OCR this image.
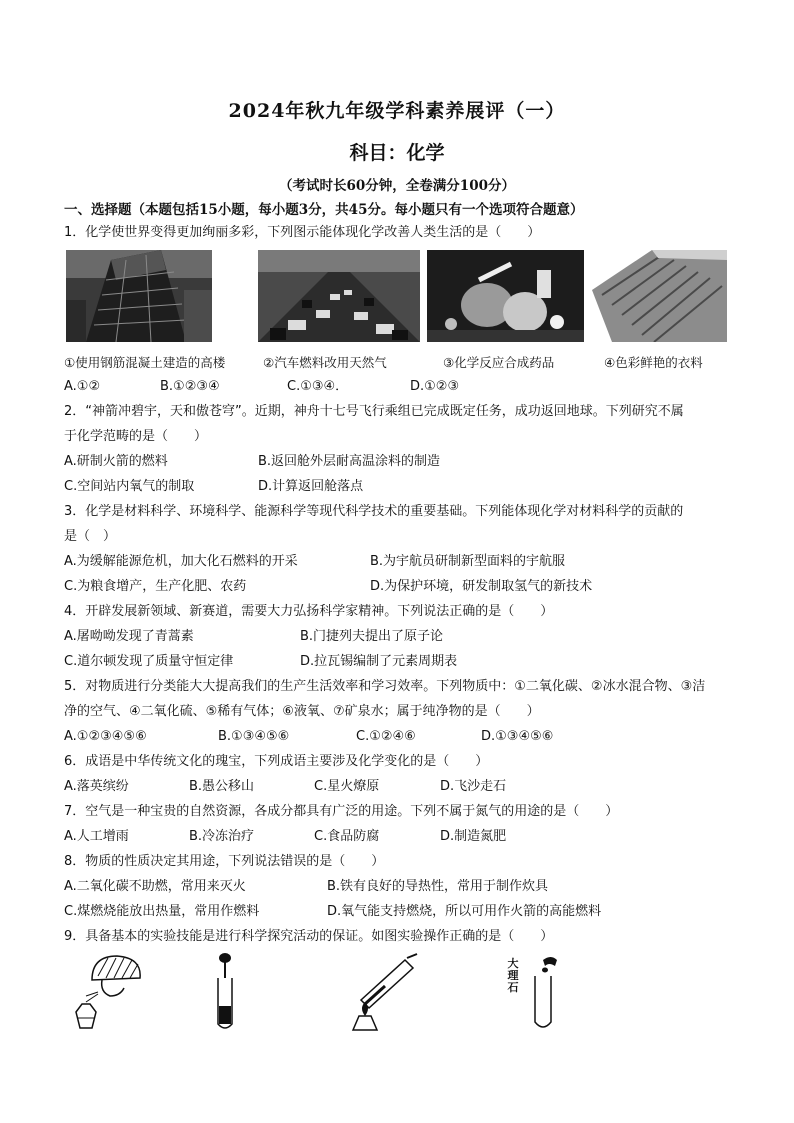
2024年秋九年级学科素养展评（一）
科目：化学
（考试时长60分钟，全卷满分100分）
一、选择题（本题包括15小题，每小题3分，共45分。每小题只有一个选项符合题意）
1．化学使世界变得更加绚丽多彩，下列图示能体现化学改善人类生活的是（　　）
①使用钢筋混凝土建造的高楼	②汽车燃料改用天然气	③化学反应合成药品	④色彩鲜艳的衣料
A.①②	B.①②③④	C.①③④．	D.①②③
2．“神箭冲碧宇，天和傲苍穹”。近期，神舟十七号飞行乘组已完成既定任务，成功返回地球。下列研究不属
于化学范畴的是（　　）
A.研制火箭的燃料	B.返回舱外层耐高温涂料的制造
C.空间站内氧气的制取	D.计算返回舱落点
3．化学是材料科学、环境科学、能源科学等现代科学技术的重要基础。下列能体现化学对材料科学的贡献的
是（　）
A.为缓解能源危机，加大化石燃料的开采	B.为宇航员研制新型面料的宇航服
C.为粮食增产，生产化肥、农药	D.为保护环境，研发制取氢气的新技术
4．开辟发展新领域、新赛道，需要大力弘扬科学家精神。下列说法正确的是（　　）
A.屠呦呦发现了青蒿素	B.门捷列夫提出了原子论
C.道尔顿发现了质量守恒定律	D.拉瓦锡编制了元素周期表
5．对物质进行分类能大大提高我们的生产生活效率和学习效率。下列物质中：①二氧化碳、②冰水混合物、③洁
净的空气、④二氧化硫、⑤稀有气体；⑥液氧、⑦矿泉水；属于纯净物的是（　　）
A.①②③④⑤⑥	B.①③④⑤⑥	C.①②④⑥	D.①③④⑤⑥
6．成语是中华传统文化的瑰宝，下列成语主要涉及化学变化的是（　　）
A.落英缤纷	B.愚公移山	C.星火燎原	D.飞沙走石
7．空气是一种宝贵的自然资源，各成分都具有广泛的用途。下列不属于氮气的用途的是（　　）
A.人工增雨	B.冷冻治疗	C.食品防腐	D.制造氮肥
8．物质的性质决定其用途，下列说法错误的是（　　）
A.二氧化碳不助燃，常用来灭火	B.铁有良好的导热性，常用于制作炊具
C.煤燃烧能放出热量，常用作燃料	D.氧气能支持燃烧，所以可用作火箭的高能燃料
9．具备基本的实验技能是进行科学探究活动的保证。如图实验操作正确的是（　　）
大
理
石
